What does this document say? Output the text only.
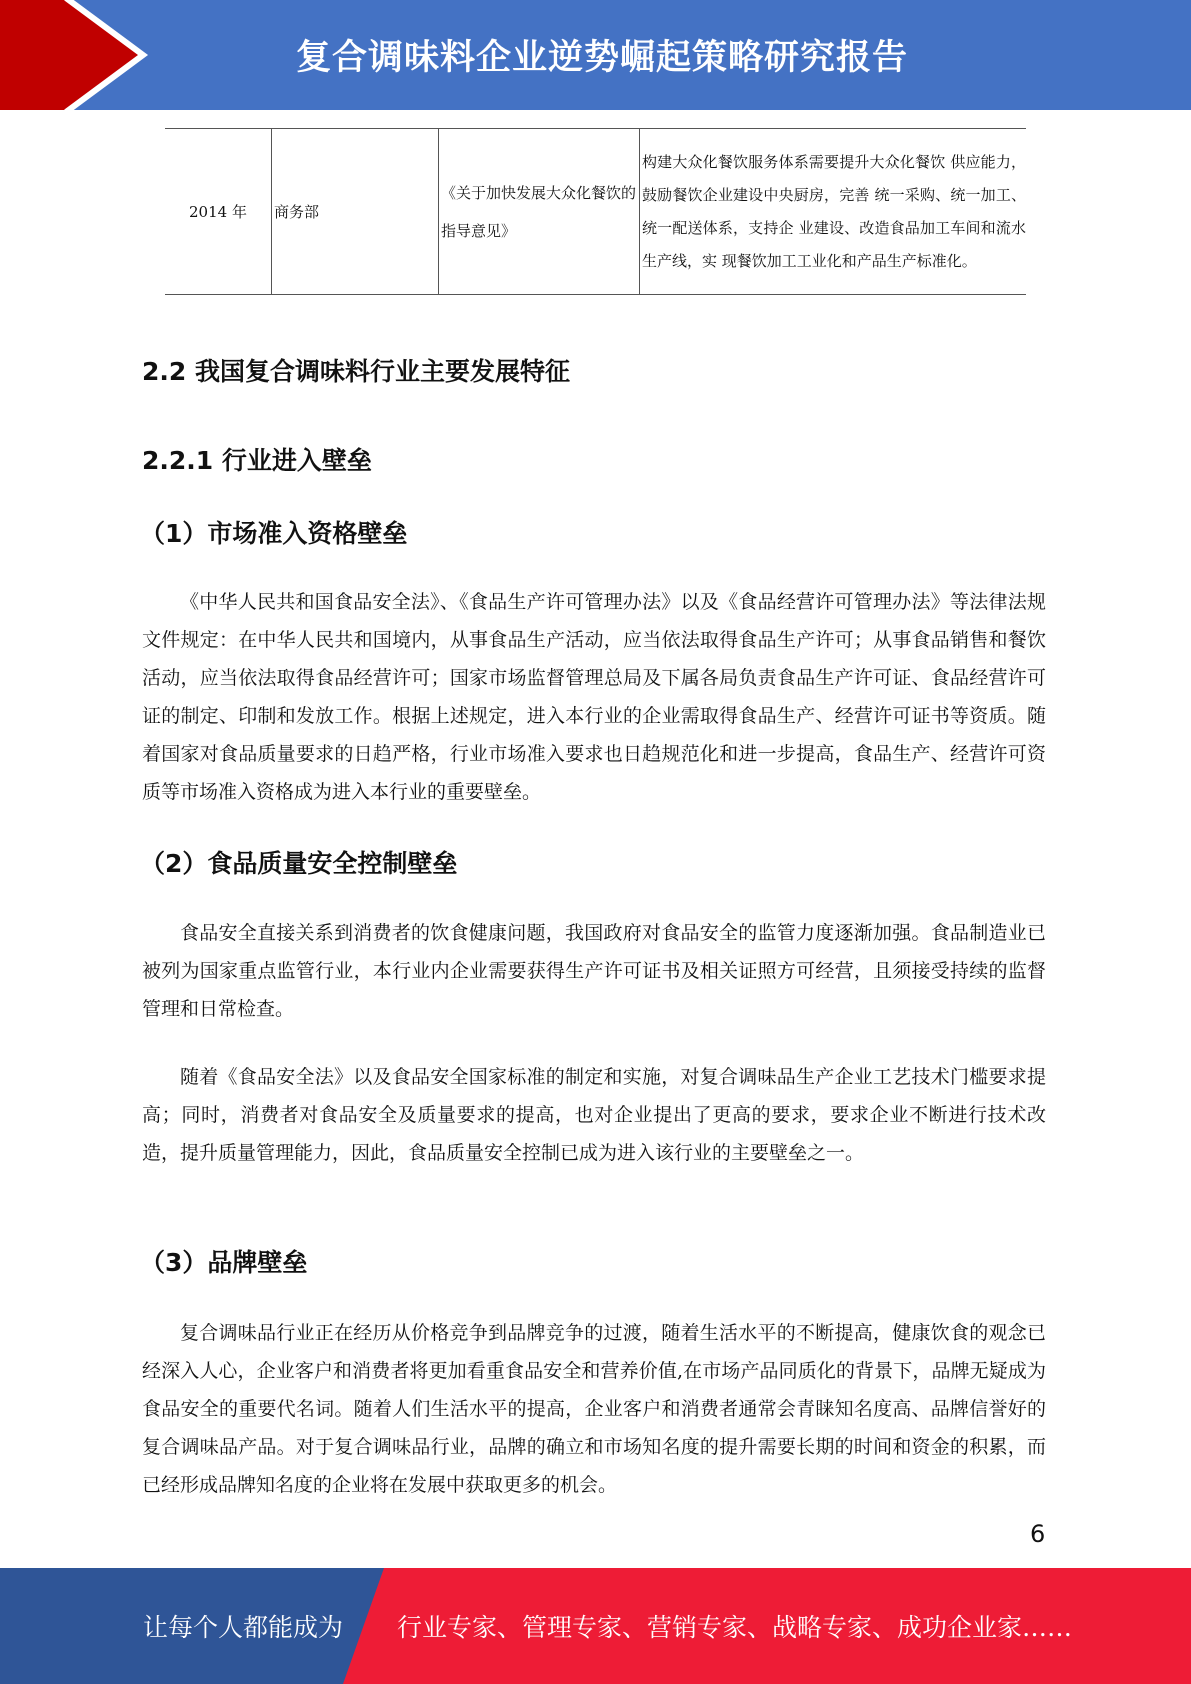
复合调味料企业逆势崛起策略研究报告
2014 年	商务部	《关于加快发展大众化餐饮的指导意见》	构建大众化餐饮服务体系需要提升大众化餐饮 供应能力，鼓励餐饮企业建设中央厨房，完善 统一采购、统一加工、统一配送体系，支持企 业建设、改造食品加工车间和流水生产线，实 现餐饮加工工业化和产品生产标准化。
2.2 我国复合调味料行业主要发展特征
2.2.1 行业进入壁垒
（1）市场准入资格壁垒
《中华人民共和国食品安全法》、《食品生产许可管理办法》以及《食品经营许可管理办法》等法律法规文件规定：在中华人民共和国境内，从事食品生产活动，应当依法取得食品生产许可；从事食品销售和餐饮活动，应当依法取得食品经营许可；国家市场监督管理总局及下属各局负责食品生产许可证、食品经营许可证的制定、印制和发放工作。根据上述规定，进入本行业的企业需取得食品生产、经营许可证书等资质。随着国家对食品质量要求的日趋严格，行业市场准入要求也日趋规范化和进一步提高，食品生产、经营许可资质等市场准入资格成为进入本行业的重要壁垒。
（2）食品质量安全控制壁垒
食品安全直接关系到消费者的饮食健康问题，我国政府对食品安全的监管力度逐渐加强。食品制造业已被列为国家重点监管行业，本行业内企业需要获得生产许可证书及相关证照方可经营，且须接受持续的监督管理和日常检查。
随着《食品安全法》以及食品安全国家标准的制定和实施，对复合调味品生产企业工艺技术门槛要求提高；同时，消费者对食品安全及质量要求的提高，也对企业提出了更高的要求，要求企业不断进行技术改造，提升质量管理能力，因此，食品质量安全控制已成为进入该行业的主要壁垒之一。
（3）品牌壁垒
复合调味品行业正在经历从价格竞争到品牌竞争的过渡，随着生活水平的不断提高，健康饮食的观念已经深入人心，企业客户和消费者将更加看重食品安全和营养价值,在市场产品同质化的背景下，品牌无疑成为食品安全的重要代名词。随着人们生活水平的提高，企业客户和消费者通常会青睐知名度高、品牌信誉好的复合调味品产品。对于复合调味品行业，品牌的确立和市场知名度的提升需要长期的时间和资金的积累，而已经形成品牌知名度的企业将在发展中获取更多的机会。
6
让每个人都能成为 行业专家、管理专家、营销专家、战略专家、成功企业家……
